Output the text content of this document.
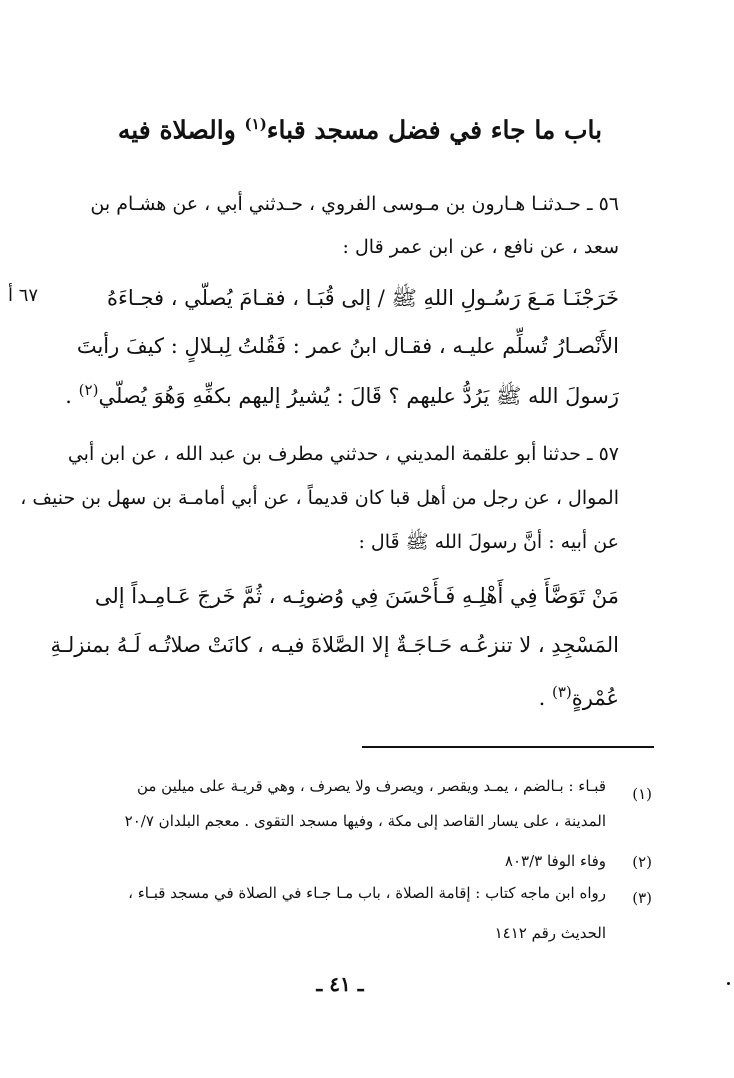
باب ما جاء في فضل مسجد قباء$^{(١)}$ والصلاة فيه
٦٧ أ
٥٦ ـ حـدثنـا هـارون بن مـوسى الفروي ، حـدثني أبي ، عن هشـام بن
سعد ، عن نافع ، عن ابن عمر قال :
خَرَجْنَـا مَـعَ رَسُـولِ اللهِ ﷺ / إلى قُبَـا ، فقـامَ يُصلّي ، فجـاءَهُ
الأَنْصـارُ تُسلِّم عليـه ، فقـال ابنُ عمر : فَقُلتُ لِبـلالٍ : كيفَ رأيتَ
رَسولَ الله ﷺ يَرُدُّ عليهم ؟ قَالَ : يُشيرُ إليهم بكفِّهِ وَهُوَ يُصلّي$^{(٢)}$ .
٥٧ ـ حدثنا أبو علقمة المديني ، حدثني مطرف بن عبد الله ، عن ابن أبي
الموال ، عن رجل من أهل قبا كان قديماً ، عن أبي أمامـة بن سهل بن حنيف ،
عن أبيه : أنَّ رسولَ الله ﷺ قَال :
مَنْ تَوَضَّأَ فِي أَهْلِـهِ فَـأَحْسَنَ فِي وُضوئِـه ، ثُمَّ خَرجَ عَـامِـداً إلى
المَسْجِدِ ، لا تنزعُـه حَـاجَـةٌ إلا الصَّلاةَ فيـه ، كانَتْ صلاتُـه لَـهُ بمنزلـةِ
عُمْرةٍ$^{(٣)}$ .
(١)
قبـاء : بـالضم ، يمـد ويقصر ، ويصرف ولا يصرف ، وهي قريـة على ميلين من
المدينة ، على يسار القاصد إلى مكة ، وفيها مسجد التقوى . معجم البلدان ٢٠/٧
(٢)
وفاء الوفا ٨٠٣/٣
(٣)
رواه ابن ماجه كتاب : إقامة الصلاة ، باب مـا جـاء في الصلاة في مسجد قبـاء ،
الحديث رقم ١٤١٢
ـ ٤١ ـ
